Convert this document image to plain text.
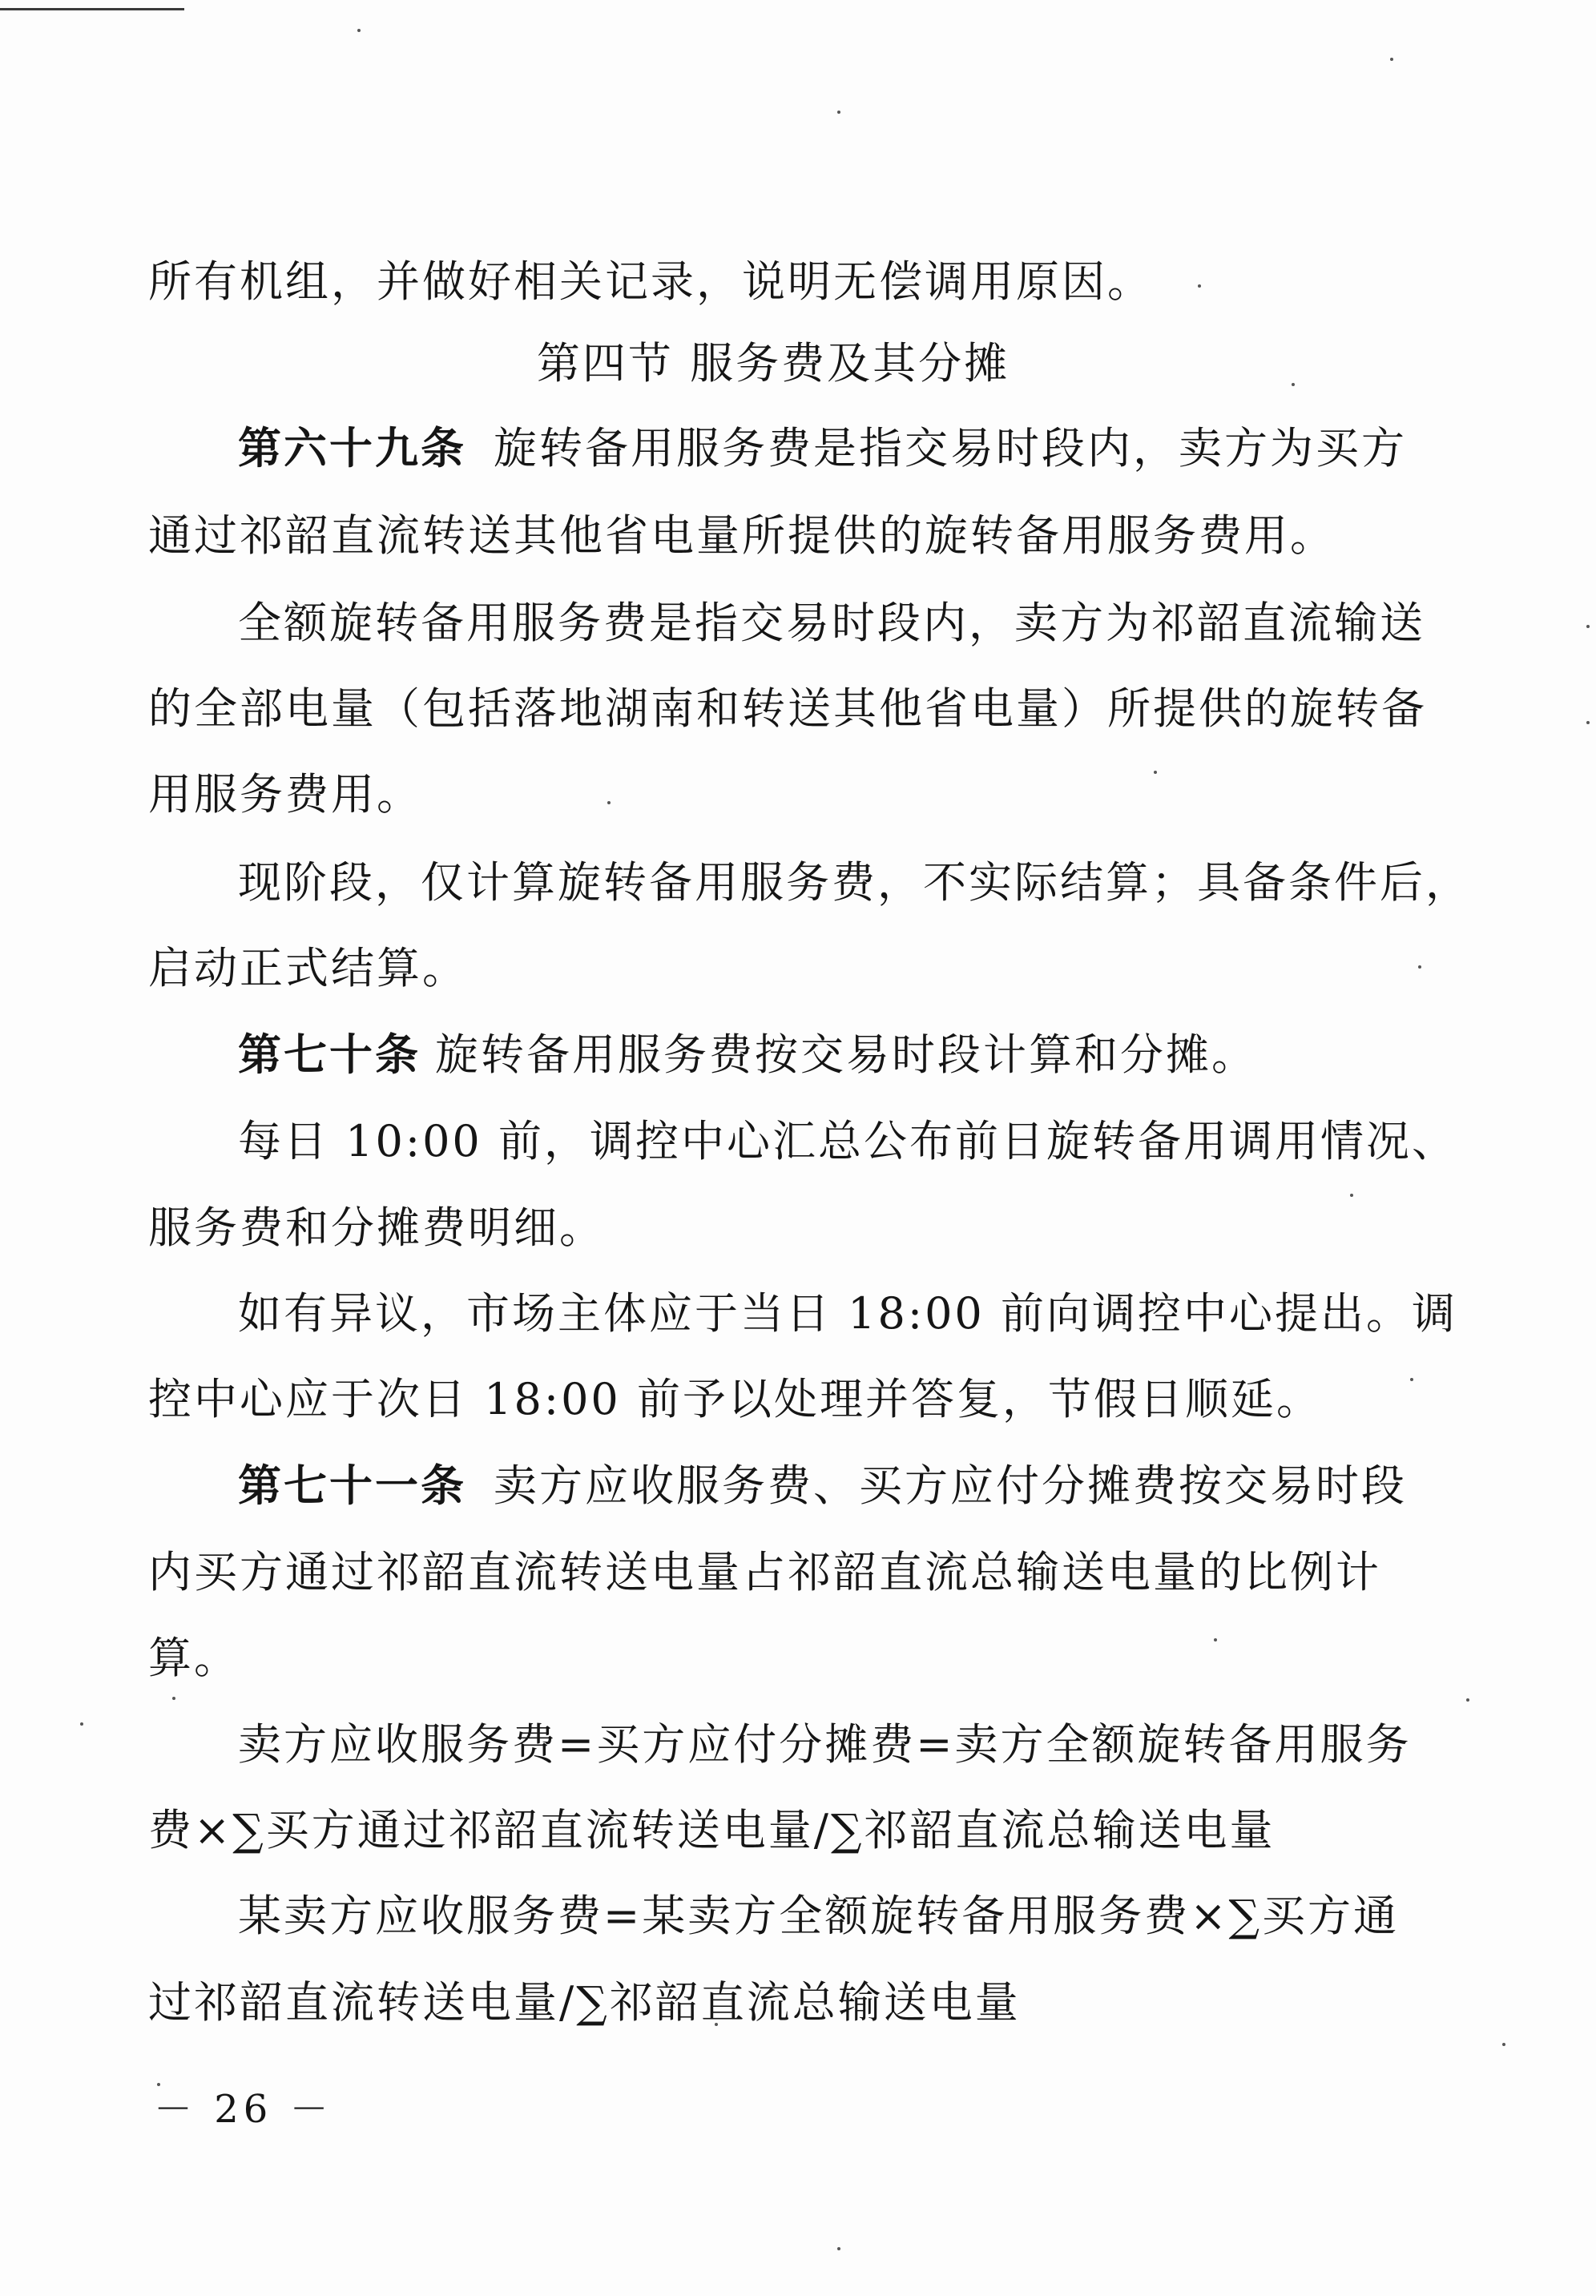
所有机组，并做好相关记录，说明无偿调用原因。
第四节 服务费及其分摊
第六十九条 旋转备用服务费是指交易时段内，卖方为买方
通过祁韶直流转送其他省电量所提供的旋转备用服务费用。
全额旋转备用服务费是指交易时段内，卖方为祁韶直流输送
的全部电量（包括落地湖南和转送其他省电量）所提供的旋转备
用服务费用。
现阶段，仅计算旋转备用服务费，不实际结算；具备条件后，
启动正式结算。
第七十条 旋转备用服务费按交易时段计算和分摊。
每日 10:00 前，调控中心汇总公布前日旋转备用调用情况、
服务费和分摊费明细。
如有异议，市场主体应于当日 18:00 前向调控中心提出。调
控中心应于次日 18:00 前予以处理并答复，节假日顺延。
第七十一条 卖方应收服务费、买方应付分摊费按交易时段
内买方通过祁韶直流转送电量占祁韶直流总输送电量的比例计
算。
卖方应收服务费=买方应付分摊费=卖方全额旋转备用服务
费×∑买方通过祁韶直流转送电量/∑祁韶直流总输送电量
某卖方应收服务费=某卖方全额旋转备用服务费×∑买方通
过祁韶直流转送电量/∑祁韶直流总输送电量
－ 26 －
